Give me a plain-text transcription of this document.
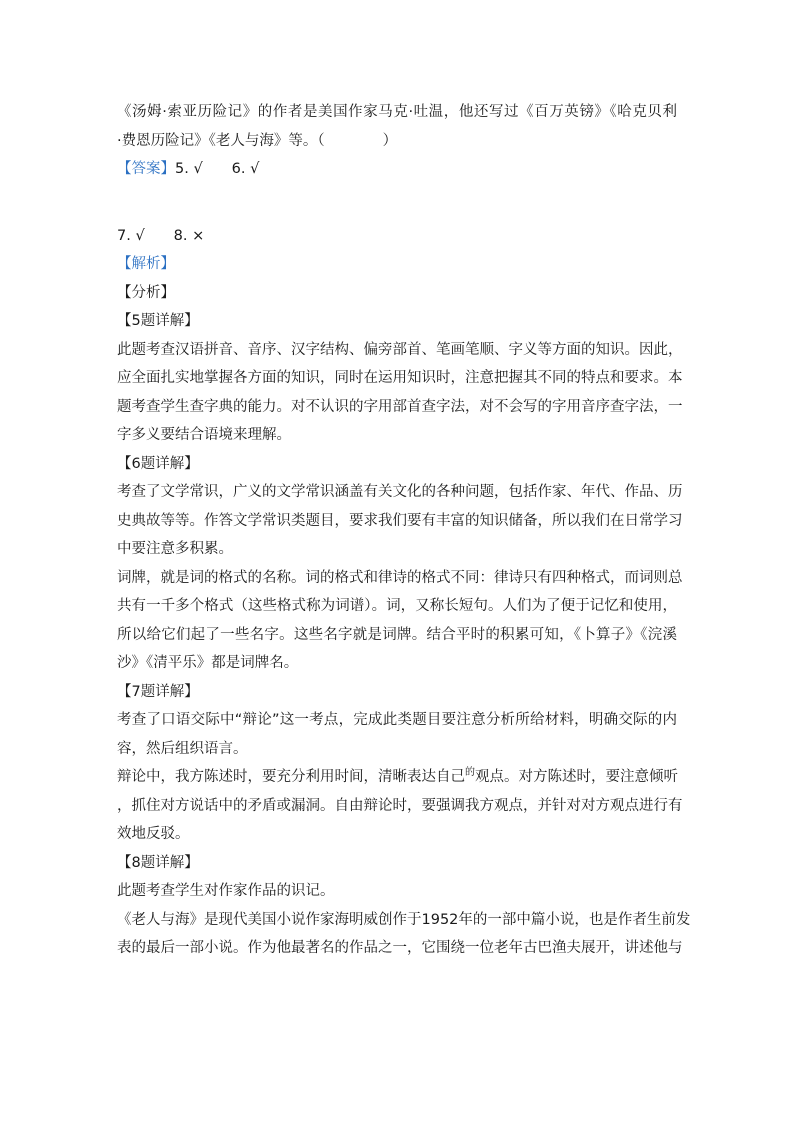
《汤姆·索亚历险记》的作者是美国作家马克·吐温，他还写过《百万英镑》《哈克贝利
·费恩历险记》《老人与海》等。（　　　　）
【答案】5. √　　6. √
7. √　　8. ×
【解析】
【分析】
【5题详解】
此题考查汉语拼音、音序、汉字结构、偏旁部首、笔画笔顺、字义等方面的知识。因此，
应全面扎实地掌握各方面的知识，同时在运用知识时，注意把握其不同的特点和要求。本
题考查学生查字典的能力。对不认识的字用部首查字法，对不会写的字用音序查字法，一
字多义要结合语境来理解。
【6题详解】
考查了文学常识，广义的文学常识涵盖有关文化的各种问题，包括作家、年代、作品、历
史典故等等。作答文学常识类题目，要求我们要有丰富的知识储备，所以我们在日常学习
中要注意多积累。
词牌，就是词的格式的名称。词的格式和律诗的格式不同：律诗只有四种格式，而词则总
共有一千多个格式（这些格式称为词谱）。词，又称长短句。人们为了便于记忆和使用，
所以给它们起了一些名字。这些名字就是词牌。结合平时的积累可知，《卜算子》《浣溪
沙》《清平乐》都是词牌名。
【7题详解】
考查了口语交际中“辩论”这一考点，完成此类题目要注意分析所给材料，明确交际的内
容，然后组织语言。
辩论中，我方陈述时，要充分利用时间，清晰表达自己$^的$观点。对方陈述时，要注意倾听
，抓住对方说话中的矛盾或漏洞。自由辩论时，要强调我方观点，并针对对方观点进行有
效地反驳。
【8题详解】
此题考查学生对作家作品的识记。
《老人与海》是现代美国小说作家海明威创作于1952年的一部中篇小说，也是作者生前发
表的最后一部小说。作为他最著名的作品之一，它围绕一位老年古巴渔夫展开，讲述他与
